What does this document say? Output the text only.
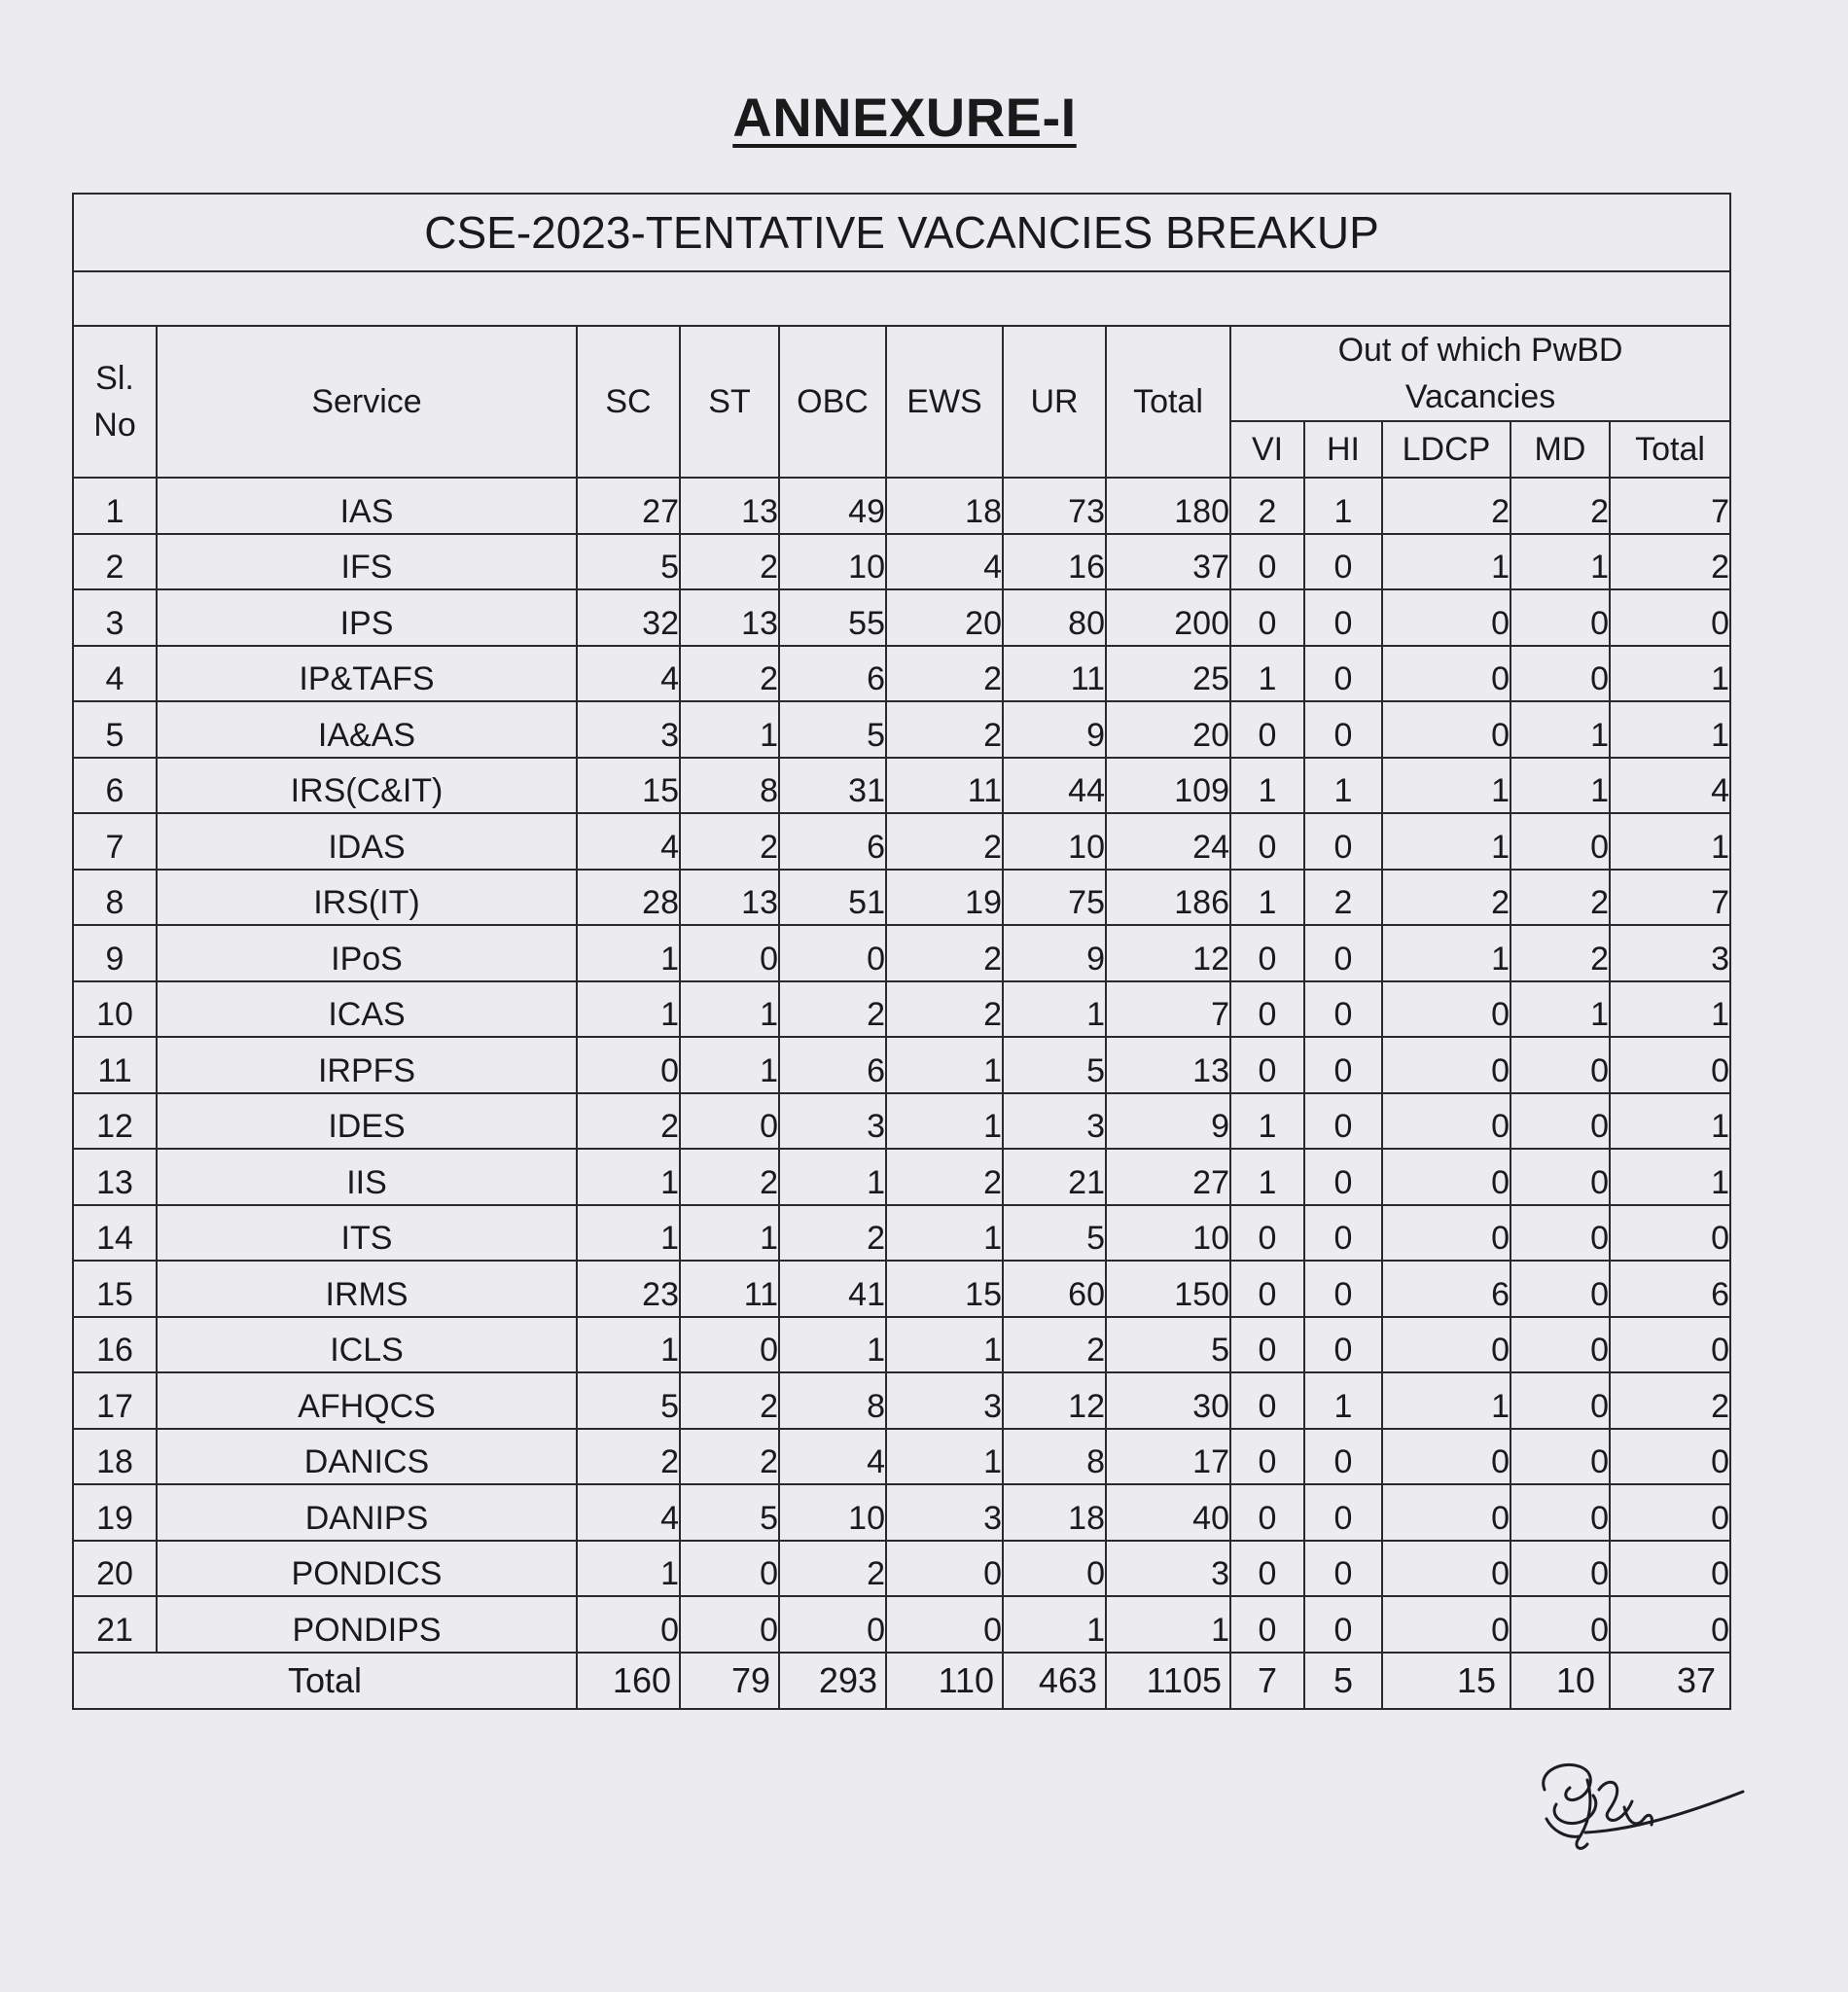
ANNEXURE-I
CSE-2023-TENTATIVE VACANCIES BREAKUP												

Sl. No	Service	SC	ST	OBC	EWS	UR	Total	Out of which PwBD Vacancies				

								VI	HI	LDCP	MD	Total
1	IAS	27	13	49	18	73	180	2	1	2	2	7
2	IFS	5	2	10	4	16	37	0	0	1	1	2
3	IPS	32	13	55	20	80	200	0	0	0	0	0
4	IP&TAFS	4	2	6	2	11	25	1	0	0	0	1
5	IA&AS	3	1	5	2	9	20	0	0	0	1	1
6	IRS(C&IT)	15	8	31	11	44	109	1	1	1	1	4
7	IDAS	4	2	6	2	10	24	0	0	1	0	1
8	IRS(IT)	28	13	51	19	75	186	1	2	2	2	7
9	IPoS	1	0	0	2	9	12	0	0	1	2	3
10	ICAS	1	1	2	2	1	7	0	0	0	1	1
11	IRPFS	0	1	6	1	5	13	0	0	0	0	0
12	IDES	2	0	3	1	3	9	1	0	0	0	1
13	IIS	1	2	1	2	21	27	1	0	0	0	1
14	ITS	1	1	2	1	5	10	0	0	0	0	0
15	IRMS	23	11	41	15	60	150	0	0	6	0	6
16	ICLS	1	0	1	1	2	5	0	0	0	0	0
17	AFHQCS	5	2	8	3	12	30	0	1	1	0	2
18	DANICS	2	2	4	1	8	17	0	0	0	0	0
19	DANIPS	4	5	10	3	18	40	0	0	0	0	0
20	PONDICS	1	0	2	0	0	3	0	0	0	0	0
21	PONDIPS	0	0	0	0	1	1	0	0	0	0	0
Total		160	79	293	110	463	1105	7	5	15	10	37
